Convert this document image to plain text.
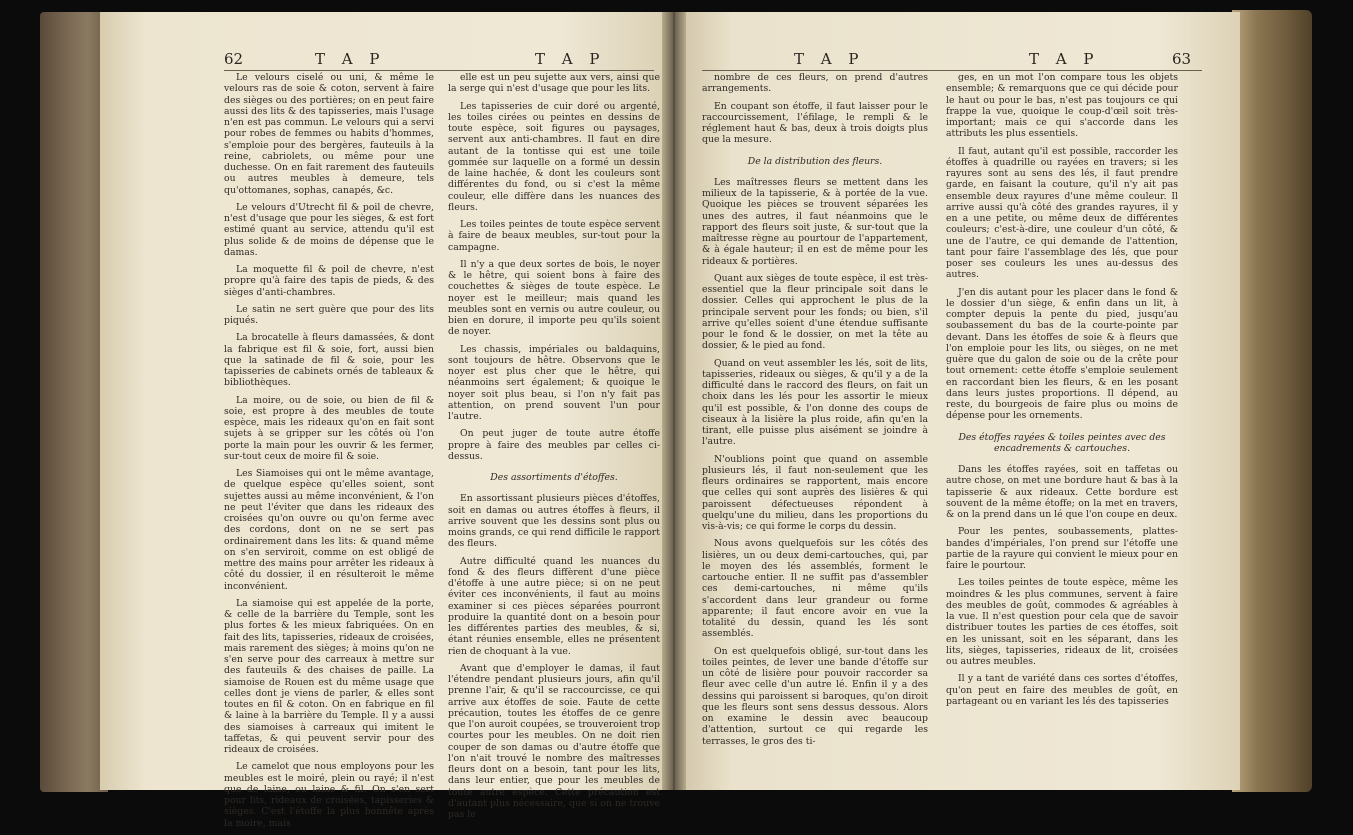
62	T A P	T A P

Le velours ciselé ou uni, & même le velours ras de soie & coton, servent à faire des sièges ou des portières; on en peut faire aussi des lits & des tapisseries, mais l'usage n'en est pas commun. Le velours qui a servi pour robes de femmes ou habits d'hommes, s'emploie pour des bergères, fauteuils à la reine, cabriolets, ou même pour une duchesse. On en fait rarement des fauteuils ou autres meubles à demeure, tels qu'ottomanes, sophas, canapés, &c.

Le velours d'Utrecht fil & poil de chevre, n'est d'usage que pour les sièges, & est fort estimé quant au service, attendu qu'il est plus solide & de moins de dépense que le damas.

La moquette fil & poil de chevre, n'est propre qu'à faire des tapis de pieds, & des sièges d'anti-chambres.

Le satin ne sert guère que pour des lits piqués.

La brocatelle à fleurs damassées, & dont la fabrique est fil & soie, fort, aussi bien que la satinade de fil & soie, pour les tapisseries de cabinets ornés de tableaux & bibliothèques.

La moire, ou de soie, ou bien de fil & soie, est propre à des meubles de toute espèce, mais les rideaux qu'on en fait sont sujets à se gripper sur les côtés où l'on porte la main pour les ouvrir & les fermer, sur-tout ceux de moire fil & soie.

Les Siamoises qui ont le même avantage, de quelque espèce qu'elles soient, sont sujettes aussi au même inconvénient, & l'on ne peut l'éviter que dans les rideaux des croisées qu'on ouvre ou qu'on ferme avec des cordons, dont on ne se sert pas ordinairement dans les lits: & quand même on s'en serviroit, comme on est obligé de mettre des mains pour arrêter les rideaux à côté du dossier, il en résulteroit le même inconvénient.

La siamoise qui est appelée de la porte, & celle de la barrière du Temple, sont les plus fortes & les mieux fabriquées. On en fait des lits, tapisseries, rideaux de croisées, mais rarement des sièges; à moins qu'on ne s'en serve pour des carreaux à mettre sur des fauteuils & des chaises de paille. La siamoise de Rouen est du même usage que celles dont je viens de parler, & elles sont toutes en fil & coton. On en fabrique en fil & laine à la barrière du Temple. Il y a aussi des siamoises à carreaux qui imitent le taffetas, & qui peuvent servir pour des rideaux de croisées.

Le camelot que nous employons pour les meubles est le moiré, plein ou rayé; il n'est que de laine, ou laine & fil. On s'en sert pour lits, rideaux de croisées, tapisseries & sièges. C'est l'étoffe la plus honnête après la moire, mais

elle est un peu sujette aux vers, ainsi que la serge qui n'est d'usage que pour les lits.

Les tapisseries de cuir doré ou argenté, les toiles cirées ou peintes en dessins de toute espèce, soit figures ou paysages, servent aux anti-chambres. Il faut en dire autant de la tontisse qui est une toile gommée sur laquelle on a formé un dessin de laine hachée, & dont les couleurs sont différentes du fond, ou si c'est la même couleur, elle diffère dans les nuances des fleurs.

Les toiles peintes de toute espèce servent à faire de beaux meubles, sur-tout pour la campagne.

Il n'y a que deux sortes de bois, le noyer & le hêtre, qui soient bons à faire des couchettes & sièges de toute espèce. Le noyer est le meilleur; mais quand les meubles sont en vernis ou autre couleur, ou bien en dorure, il importe peu qu'ils soient de noyer.

Les chassis, impériales ou baldaquins, sont toujours de hêtre. Observons que le noyer est plus cher que le hêtre, qui néanmoins sert également; & quoique le noyer soit plus beau, si l'on n'y fait pas attention, on prend souvent l'un pour l'autre.

On peut juger de toute autre étoffe propre à faire des meubles par celles ci-dessus.

Des assortiments d'étoffes.

En assortissant plusieurs pièces d'étoffes, soit en damas ou autres étoffes à fleurs, il arrive souvent que les dessins sont plus ou moins grands, ce qui rend difficile le rapport des fleurs.

Autre difficulté quand les nuances du fond & des fleurs diffèrent d'une pièce d'étoffe à une autre pièce; si on ne peut éviter ces inconvénients, il faut au moins examiner si ces pièces séparées pourront produire la quantité dont on a besoin pour les différentes parties des meubles, & si, étant réunies ensemble, elles ne présentent rien de choquant à la vue.

Avant que d'employer le damas, il faut l'étendre pendant plusieurs jours, afin qu'il prenne l'air, & qu'il se raccourcisse, ce qui arrive aux étoffes de soie. Faute de cette précaution, toutes les étoffes de ce genre que l'on auroit coupées, se trouveroient trop courtes pour les meubles. On ne doit rien couper de son damas ou d'autre étoffe que l'on n'ait trouvé le nombre des maîtresses fleurs dont on a besoin, tant pour les lits, dans leur entier, que pour les meubles de toute autre espèce. Cette précaution est d'autant plus nécessaire, que si on ne trouve pas le

T A P	T A P	63

nombre de ces fleurs, on prend d'autres arrangements.

En coupant son étoffe, il faut laisser pour le raccourcissement, l'éfilage, le rempli & le réglement haut & bas, deux à trois doigts plus que la mesure.

De la distribution des fleurs.

Les maîtresses fleurs se mettent dans les milieux de la tapisserie, & à portée de la vue. Quoique les pièces se trouvent séparées les unes des autres, il faut néanmoins que le rapport des fleurs soit juste, & sur-tout que la maîtresse règne au pourtour de l'appartement, & à égale hauteur; il en est de même pour les rideaux & portières.

Quant aux sièges de toute espèce, il est très-essentiel que la fleur principale soit dans le dossier. Celles qui approchent le plus de la principale servent pour les fonds; ou bien, s'il arrive qu'elles soient d'une étendue suffisante pour le fond & le dossier, on met la tête au dossier, & le pied au fond.

Quand on veut assembler les lés, soit de lits, tapisseries, rideaux ou sièges, & qu'il y a de la difficulté dans le raccord des fleurs, on fait un choix dans les lés pour les assortir le mieux qu'il est possible, & l'on donne des coups de ciseaux à la lisière la plus roide, afin qu'en la tirant, elle puisse plus aisément se joindre à l'autre.

N'oublions point que quand on assemble plusieurs lés, il faut non-seulement que les fleurs ordinaires se rapportent, mais encore que celles qui sont auprès des lisières & qui paroissent défectueuses répondent à quelqu'une du milieu, dans les proportions du vis-à-vis; ce qui forme le corps du dessin.

Nous avons quelquefois sur les côtés des lisières, un ou deux demi-cartouches, qui, par le moyen des lés assemblés, forment le cartouche entier. Il ne suffit pas d'assembler ces demi-cartouches, ni même qu'ils s'accordent dans leur grandeur ou forme apparente; il faut encore avoir en vue la totalité du dessin, quand les lés sont assemblés.

On est quelquefois obligé, sur-tout dans les toiles peintes, de lever une bande d'étoffe sur un côté de lisière pour pouvoir raccorder sa fleur avec celle d'un autre lé. Enfin il y a des dessins qui paroissent si baroques, qu'on diroit que les fleurs sont sens dessus dessous. Alors on examine le dessin avec beaucoup d'attention, surtout ce qui regarde les terrasses, le gros des ti-

ges, en un mot l'on compare tous les objets ensemble; & remarquons que ce qui décide pour le haut ou pour le bas, n'est pas toujours ce qui frappe la vue, quoique le coup-d'œil soit très-important; mais ce qui s'accorde dans les attributs les plus essentiels.

Il faut, autant qu'il est possible, raccorder les étoffes à quadrille ou rayées en travers; si les rayures sont au sens des lés, il faut prendre garde, en faisant la couture, qu'il n'y ait pas ensemble deux rayures d'une même couleur. Il arrive aussi qu'à côté des grandes rayures, il y en a une petite, ou même deux de différentes couleurs; c'est-à-dire, une couleur d'un côté, & une de l'autre, ce qui demande de l'attention, tant pour faire l'assemblage des lés, que pour poser ses couleurs les unes au-dessus des autres.

J'en dis autant pour les placer dans le fond & le dossier d'un siège, & enfin dans un lit, à compter depuis la pente du pied, jusqu'au soubassement du bas de la courte-pointe par devant. Dans les étoffes de soie & à fleurs que l'on emploie pour les lits, ou sièges, on ne met guère que du galon de soie ou de la crête pour tout ornement: cette étoffe s'emploie seulement en raccordant bien les fleurs, & en les posant dans leurs justes proportions. Il dépend, au reste, du bourgeois de faire plus ou moins de dépense pour les ornements.

Des étoffes rayées & toiles peintes avec des encadrements & cartouches.

Dans les étoffes rayées, soit en taffetas ou autre chose, on met une bordure haut & bas à la tapisserie & aux rideaux. Cette bordure est souvent de la même étoffe; on la met en travers, & on la prend dans un lé que l'on coupe en deux.

Pour les pentes, soubassements, plattes-bandes d'impériales, l'on prend sur l'étoffe une partie de la rayure qui convient le mieux pour en faire le pourtour.

Les toiles peintes de toute espèce, même les moindres & les plus communes, servent à faire des meubles de goût, commodes & agréables à la vue. Il n'est question pour cela que de savoir distribuer toutes les parties de ces étoffes, soit en les unissant, soit en les séparant, dans les lits, sièges, tapisseries, rideaux de lit, croisées ou autres meubles.

Il y a tant de variété dans ces sortes d'étoffes, qu'on peut en faire des meubles de goût, en partageant ou en variant les lés des tapisseries
